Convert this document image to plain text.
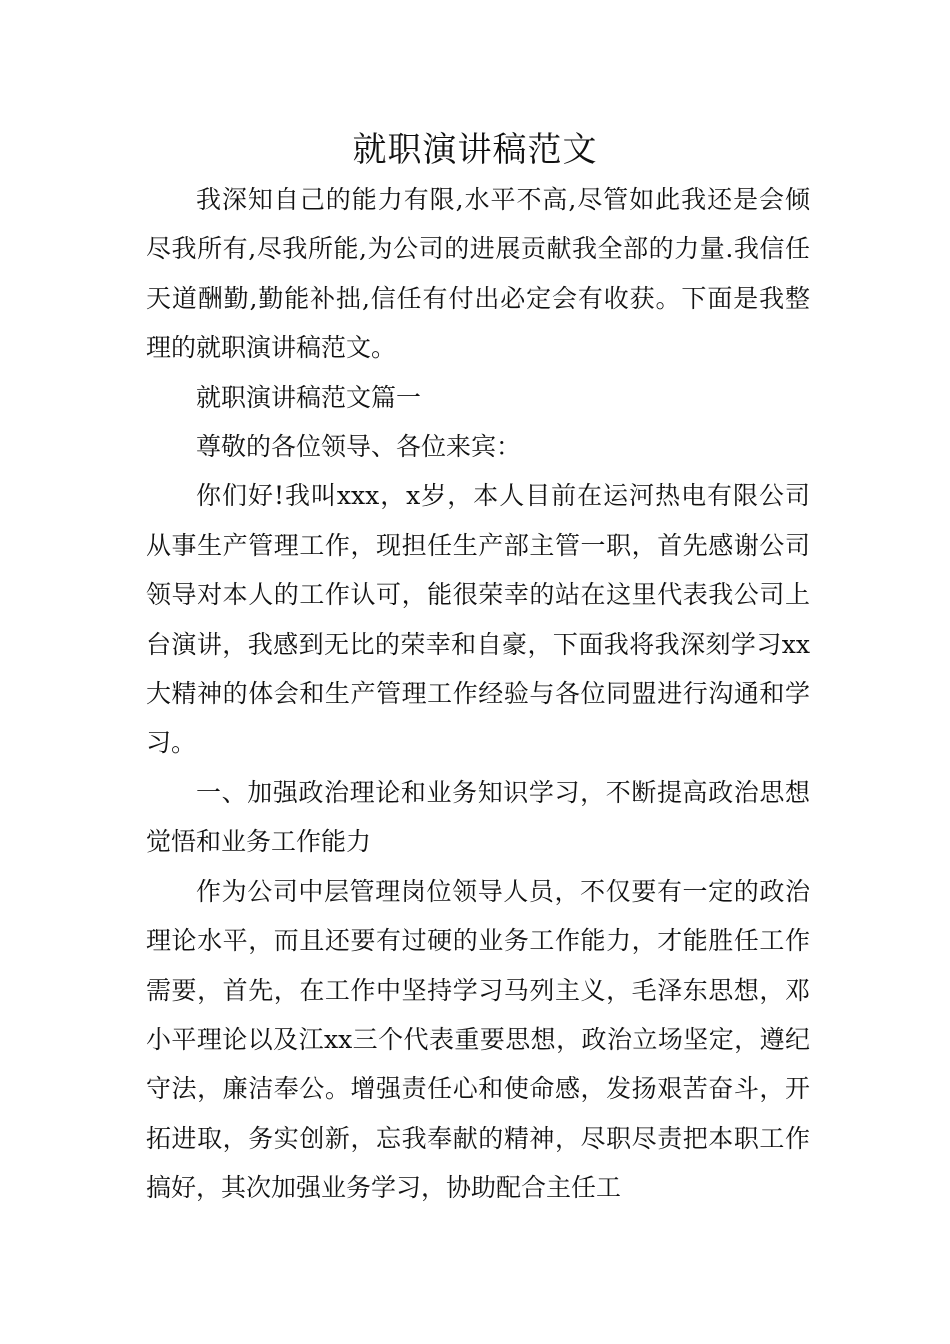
就职演讲稿范文

我深知自己的能力有限,水平不高,尽管如此我还是会倾尽我所有,尽我所能,为公司的进展贡献我全部的力量.我信任天道酬勤,勤能补拙,信任有付出必定会有收获。下面是我整理的就职演讲稿范文。

就职演讲稿范文篇一

尊敬的各位领导、各位来宾：

你们好!我叫xxx，x岁，本人目前在运河热电有限公司从事生产管理工作，现担任生产部主管一职，首先感谢公司领导对本人的工作认可，能很荣幸的站在这里代表我公司上台演讲，我感到无比的荣幸和自豪，下面我将我深刻学习xx大精神的体会和生产管理工作经验与各位同盟进行沟通和学习。

一、加强政治理论和业务知识学习，不断提高政治思想觉悟和业务工作能力

作为公司中层管理岗位领导人员，不仅要有一定的政治理论水平，而且还要有过硬的业务工作能力，才能胜任工作需要，首先，在工作中坚持学习马列主义，毛泽东思想，邓小平理论以及江xx三个代表重要思想，政治立场坚定，遵纪守法，廉洁奉公。增强责任心和使命感，发扬艰苦奋斗，开拓进取，务实创新，忘我奉献的精神，尽职尽责把本职工作搞好，其次加强业务学习，协助配合主任工
